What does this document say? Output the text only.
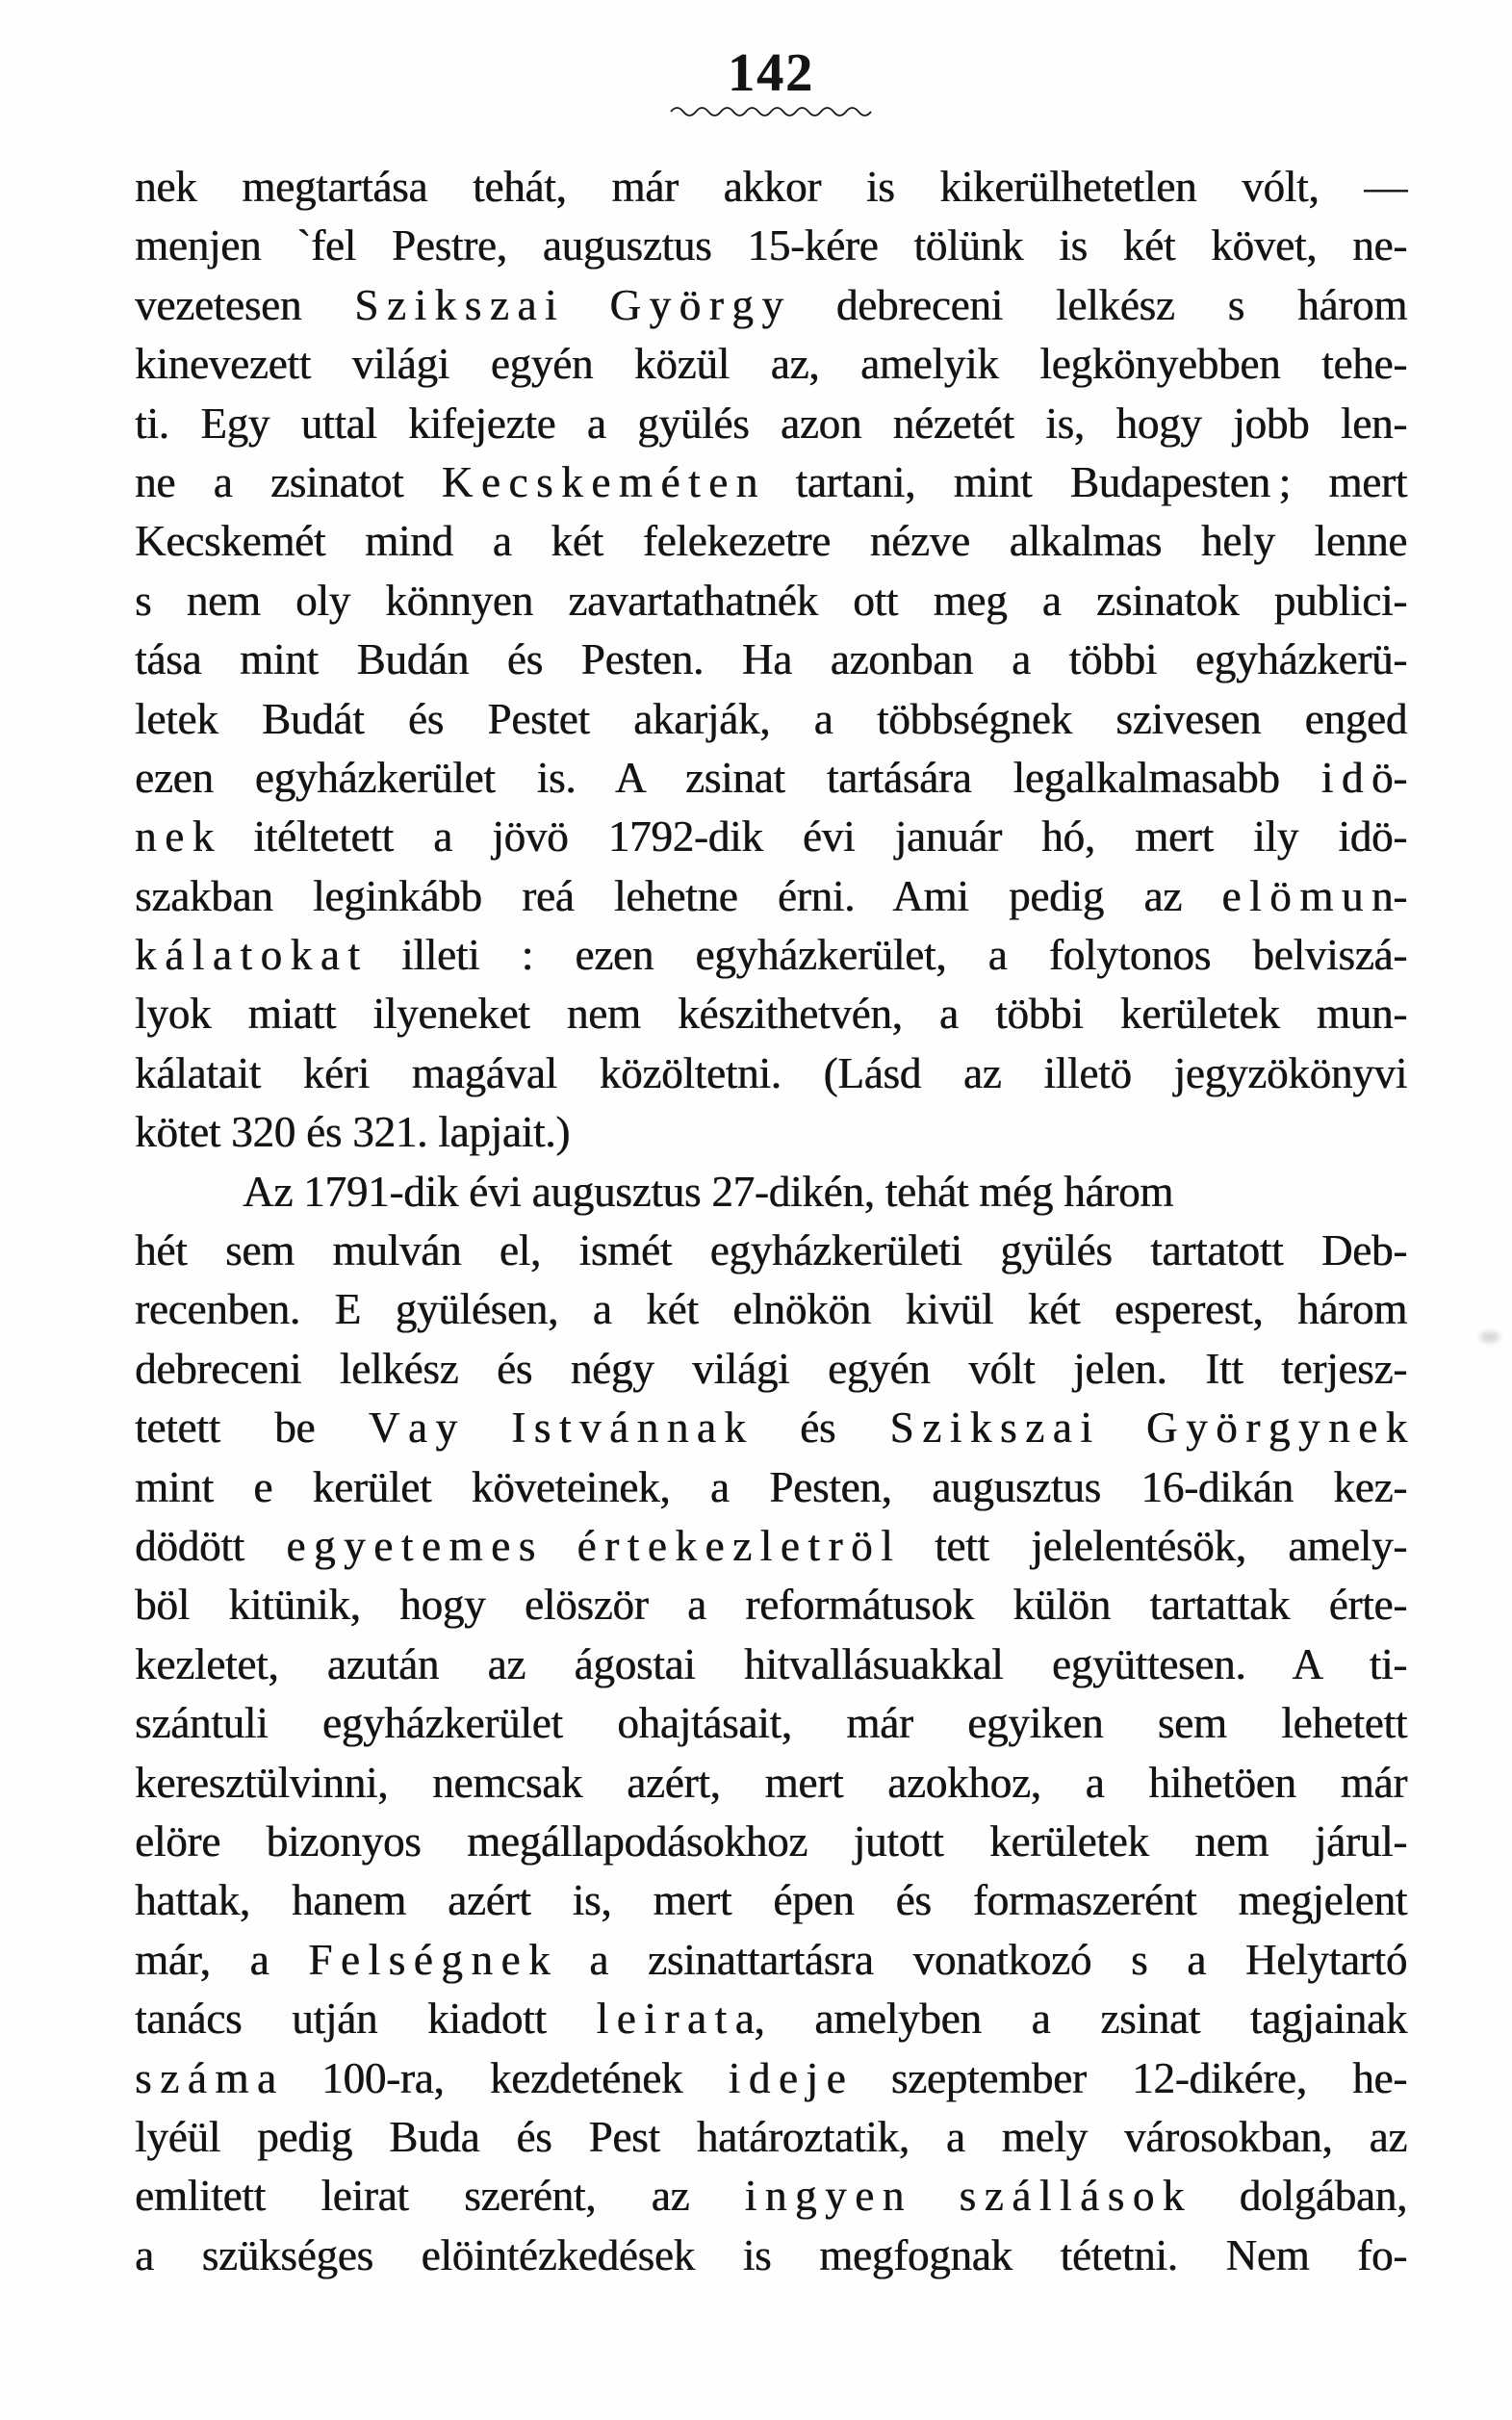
142
nek megtartása tehát, már akkor is kikerülhetetlen vólt, —
menjen `fel Pestre, augusztus 15-kére tölünk is két követ, ne-
vezetesen S z i k s z a i G y ö r g y debreceni lelkész s három
kinevezett világi egyén közül az, amelyik legkönyebben tehe-
ti. Egy uttal kifejezte a gyülés azon nézetét is, hogy jobb len-
ne a zsinatot K e c s k e m é t e n tartani, mint Budapesten ; mert
Kecskemét mind a két felekezetre nézve alkalmas hely lenne
s nem oly könnyen zavartathatnék ott meg a zsinatok publici-
tása mint Budán és Pesten. Ha azonban a többi egyházkerü-
letek Budát és Pestet akarják, a többségnek szivesen enged
ezen egyházkerület is. A zsinat tartására legalkalmasabb i d ö-
n e k itéltetett a jövö 1792-dik évi január hó, mert ily idö-
szakban leginkább reá lehetne érni. Ami pedig az e l ö m u n-
k á l a t o k a t illeti : ezen egyházkerület, a folytonos belviszá-
lyok miatt ilyeneket nem készithetvén, a többi kerületek mun-
kálatait kéri magával közöltetni. (Lásd az illetö jegyzökönyvi
kötet 320 és 321. lapjait.)
Az 1791-dik évi augusztus 27-dikén, tehát még három
hét sem mulván el, ismét egyházkerületi gyülés tartatott Deb-
recenben. E gyülésen, a két elnökön kivül két esperest, három
debreceni lelkész és négy világi egyén vólt jelen. Itt terjesz-
tetett be V a y I s t v á n n a k és S z i k s z a i G y ö r g y n e k
mint e kerület követeinek, a Pesten, augusztus 16-dikán kez-
dödött e g y e t e m e s é r t e k e z l e t r ö l tett jelelentésök, amely-
böl kitünik, hogy elöször a reformátusok külön tartattak érte-
kezletet, azután az ágostai hitvallásuakkal együttesen. A ti-
szántuli egyházkerület ohajtásait, már egyiken sem lehetett
keresztülvinni, nemcsak azért, mert azokhoz, a hihetöen már
elöre bizonyos megállapodásokhoz jutott kerületek nem járul-
hattak, hanem azért is, mert épen és formaszerént megjelent
már, a F e l s é g n e k a zsinattartásra vonatkozó s a Helytartó
tanács utján kiadott l e i r a t a, amelyben a zsinat tagjainak
s z á m a 100-ra, kezdetének i d e j e szeptember 12-dikére, he-
lyéül pedig Buda és Pest határoztatik, a mely városokban, az
emlitett leirat szerént, az i n g y e n s z á l l á s o k dolgában,
a szükséges elöintézkedések is megfognak tétetni. Nem fo-
